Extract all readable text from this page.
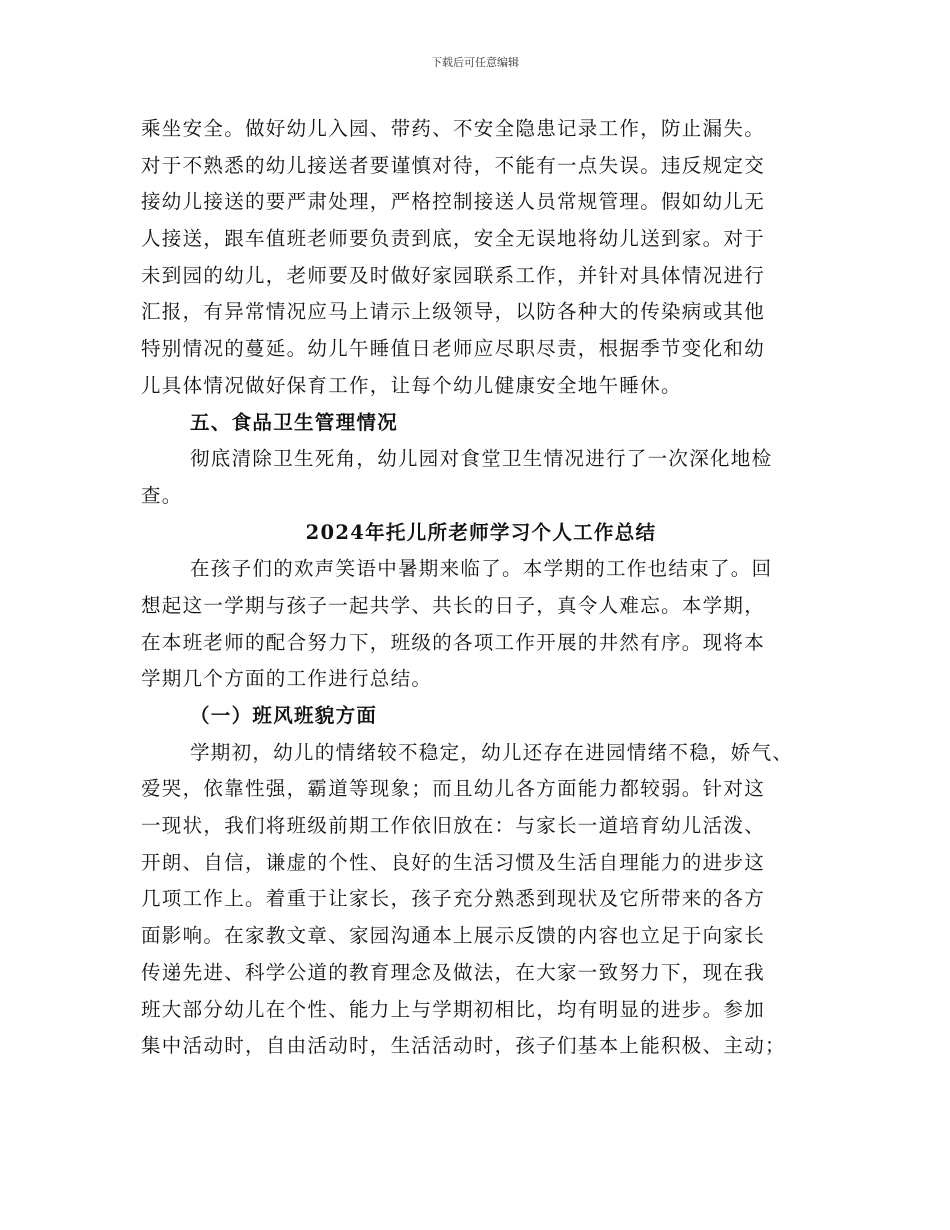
下载后可任意编辑
乘坐安全。做好幼儿入园、带药、不安全隐患记录工作，防止漏失。
对于不熟悉的幼儿接送者要谨慎对待，不能有一点失误。违反规定交
接幼儿接送的要严肃处理，严格控制接送人员常规管理。假如幼儿无
人接送，跟车值班老师要负责到底，安全无误地将幼儿送到家。对于
未到园的幼儿，老师要及时做好家园联系工作，并针对具体情况进行
汇报，有异常情况应马上请示上级领导，以防各种大的传染病或其他
特别情况的蔓延。幼儿午睡值日老师应尽职尽责，根据季节变化和幼
儿具体情况做好保育工作，让每个幼儿健康安全地午睡休。
五、食品卫生管理情况
彻底清除卫生死角，幼儿园对食堂卫生情况进行了一次深化地检
查。
2024年托儿所老师学习个人工作总结
在孩子们的欢声笑语中暑期来临了。本学期的工作也结束了。回
想起这一学期与孩子一起共学、共长的日子，真令人难忘。本学期，
在本班老师的配合努力下，班级的各项工作开展的井然有序。现将本
学期几个方面的工作进行总结。
（一）班风班貌方面
学期初，幼儿的情绪较不稳定，幼儿还存在进园情绪不稳，娇气、
爱哭，依靠性强，霸道等现象；而且幼儿各方面能力都较弱。针对这
一现状，我们将班级前期工作依旧放在：与家长一道培育幼儿活泼、
开朗、自信，谦虚的个性、良好的生活习惯及生活自理能力的进步这
几项工作上。着重于让家长，孩子充分熟悉到现状及它所带来的各方
面影响。在家教文章、家园沟通本上展示反馈的内容也立足于向家长
传递先进、科学公道的教育理念及做法，在大家一致努力下，现在我
班大部分幼儿在个性、能力上与学期初相比，均有明显的进步。参加
集中活动时，自由活动时，生活活动时，孩子们基本上能积极、主动；
